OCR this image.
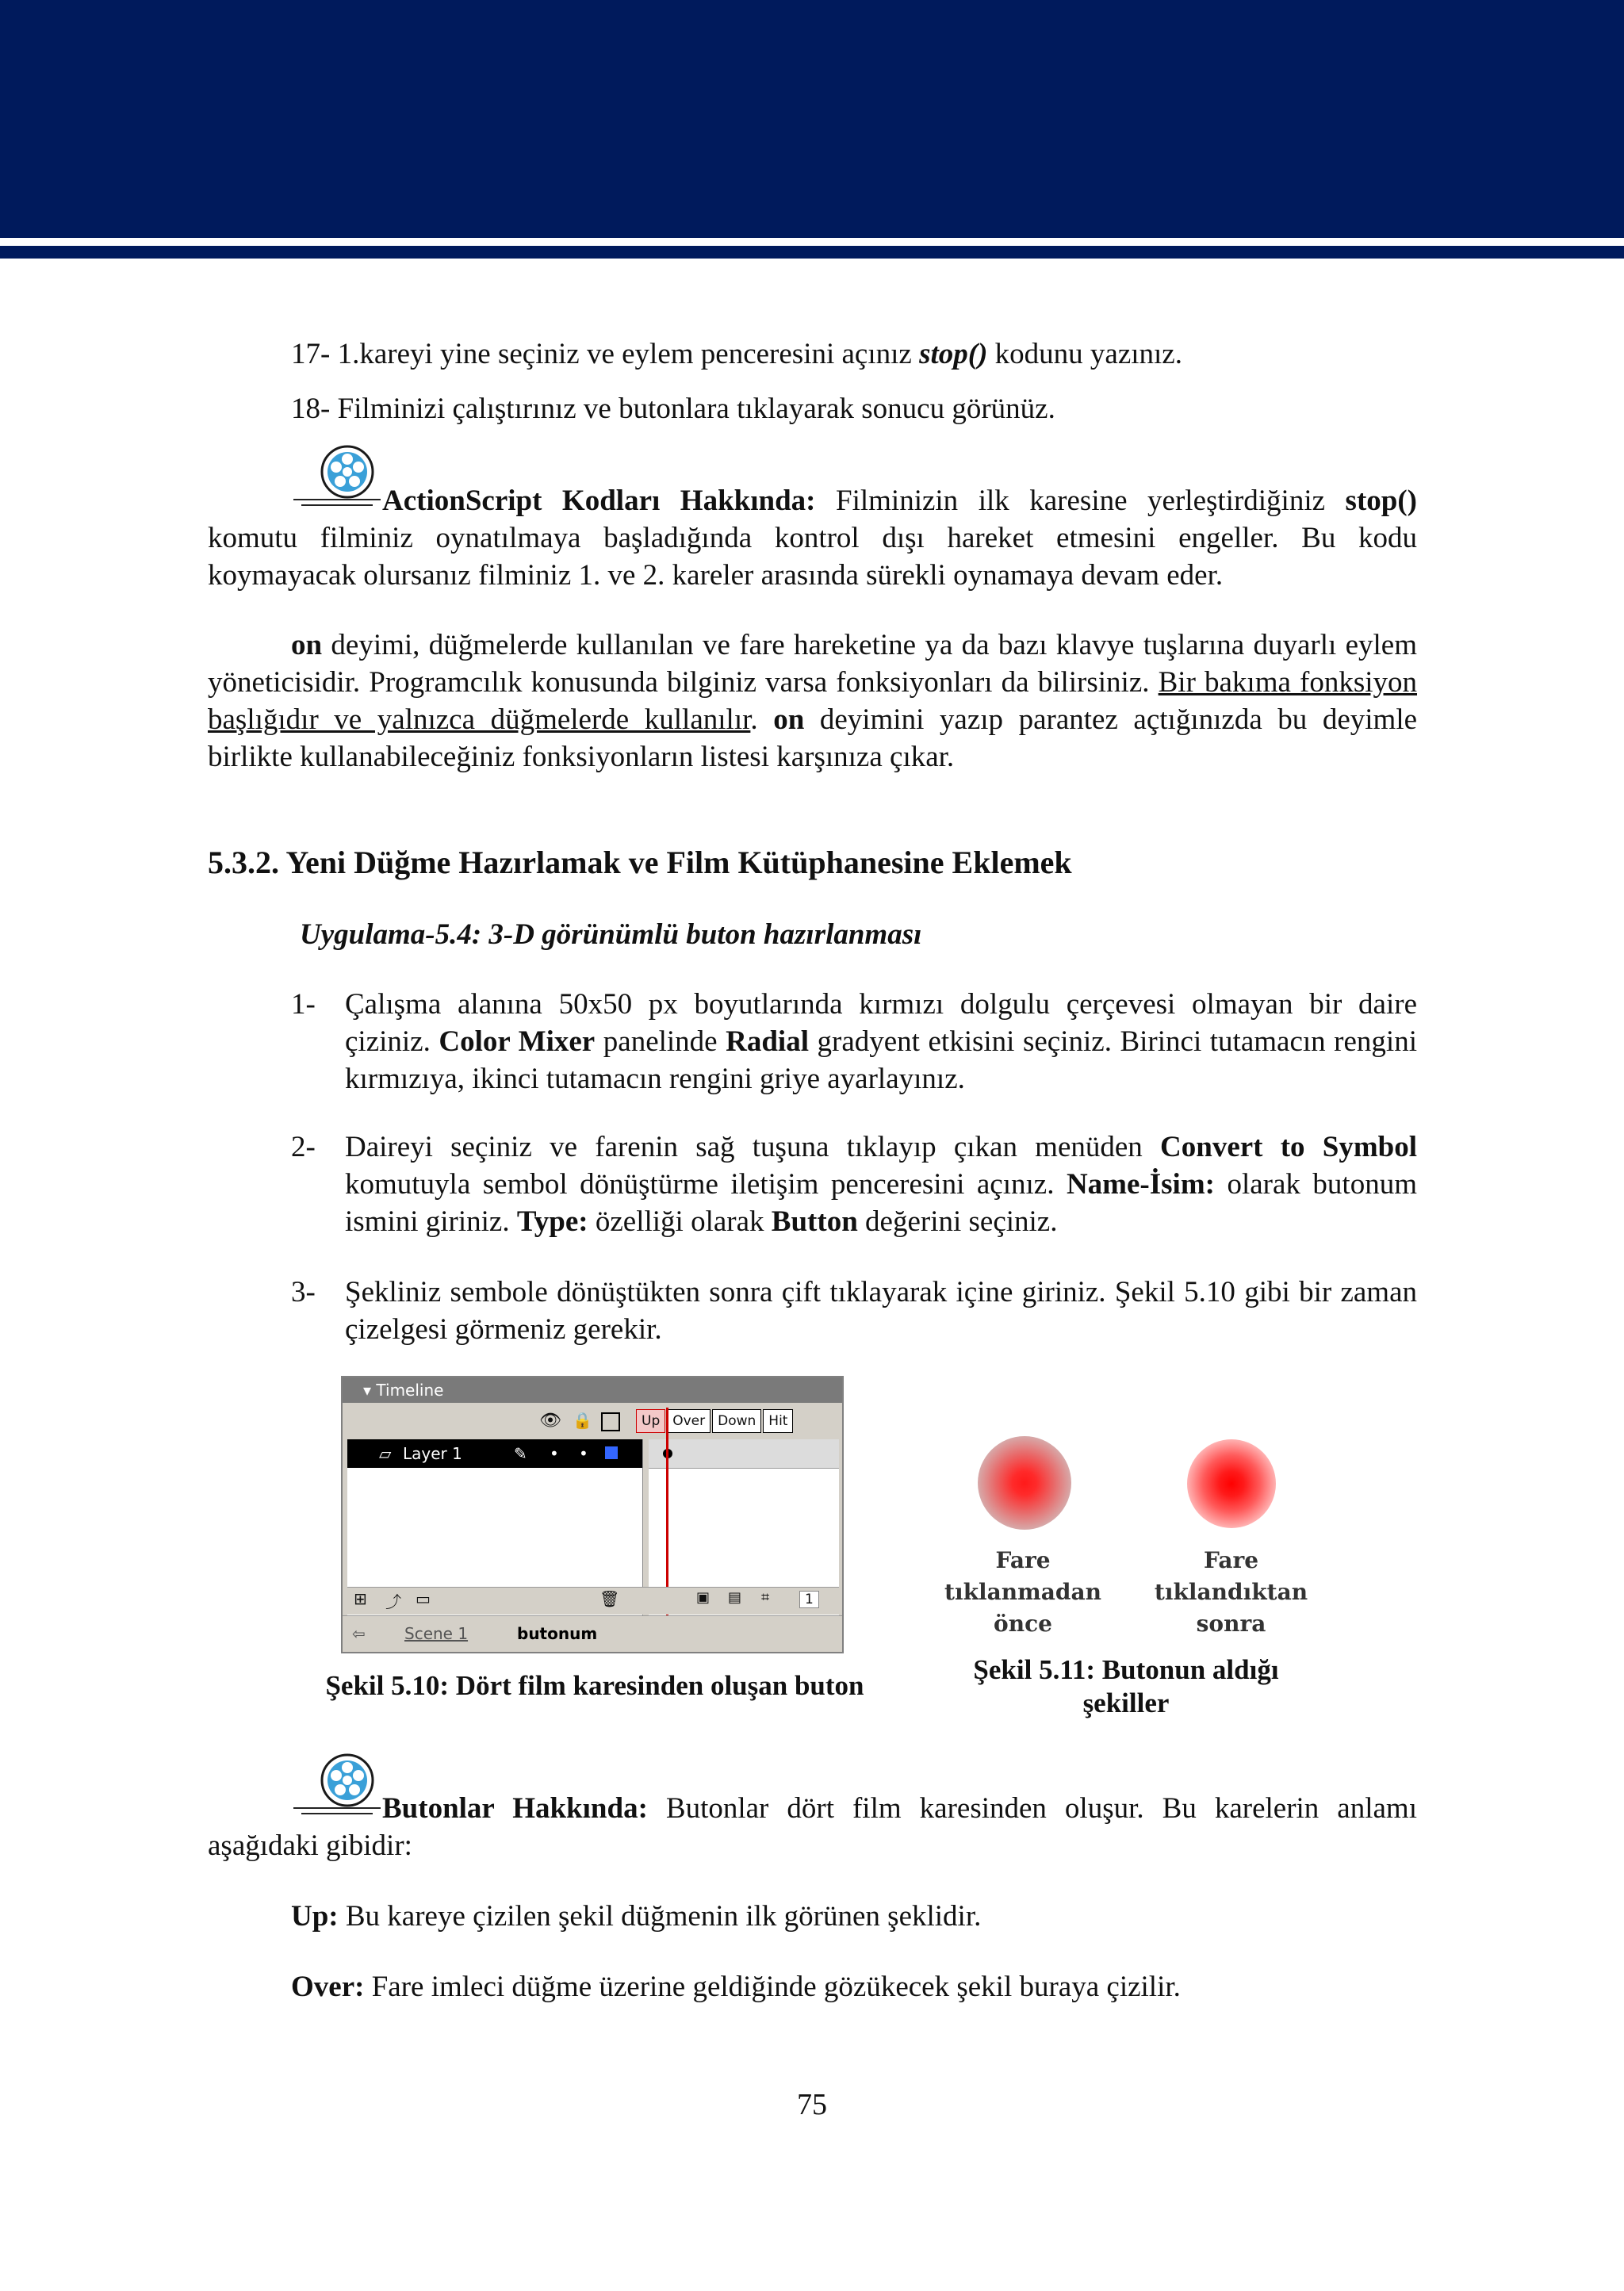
17- 1.kareyi yine seçiniz ve eylem penceresini açınız stop() kodunu yazınız.

18- Filminizi çalıştırınız ve butonlara tıklayarak sonucu görünüz.

ActionScript Kodları Hakkında: Filminizin ilk karesine yerleştirdiğiniz stop() komutu filminiz oynatılmaya başladığında kontrol dışı hareket etmesini engeller. Bu kodu koymayacak olursanız filminiz 1. ve 2. kareler arasında sürekli oynamaya devam eder.

on deyimi, düğmelerde kullanılan ve fare hareketine ya da bazı klavye tuşlarına duyarlı eylem yöneticisidir. Programcılık konusunda bilginiz varsa fonksiyonları da bilirsiniz. Bir bakıma fonksiyon başlığıdır ve yalnızca düğmelerde kullanılır. on deyimini yazıp parantez açtığınızda bu deyimle birlikte kullanabileceğiniz fonksiyonların listesi karşınıza çıkar.

5.3.2. Yeni Düğme Hazırlamak ve Film Kütüphanesine Eklemek
Uygulama-5.4: 3-D görünümlü buton hazırlanması
1- Çalışma alanına 50x50 px boyutlarında kırmızı dolgulu çerçevesi olmayan bir daire çiziniz. Color Mixer panelinde Radial gradyent etkisini seçiniz. Birinci tutamacın rengini kırmızıya, ikinci tutamacın rengini griye ayarlayınız.
2- Daireyi seçiniz ve farenin sağ tuşuna tıklayıp çıkan menüden Convert to Symbol komutuyla sembol dönüştürme iletişim penceresini açınız. Name-İsim: olarak butonum ismini giriniz. Type: özelliği olarak Button değerini seçiniz.
3- Şekliniz sembole dönüştükten sonra çift tıklayarak içine giriniz. Şekil 5.10 gibi bir zaman çizelgesi görmeniz gerekir.
▾ Timeline
👁 🔒	Up Over Down Hit
▱ Layer 1	✎ • •
⊞ ⤴ ▭	🗑	▣ ▤ ⌗	1
⇦ Scene 1	butonum
Fare tıklanmadan
önce
Fare tıklandıktan
sonra
Şekil 5.10: Dört film karesinden oluşan buton
Şekil 5.11: Butonun aldığı
şekiller

Butonlar Hakkında: Butonlar dört film karesinden oluşur. Bu karelerin anlamı aşağıdaki gibidir:

Up: Bu kareye çizilen şekil düğmenin ilk görünen şeklidir.

Over: Fare imleci düğme üzerine geldiğinde gözükecek şekil buraya çizilir.

75
